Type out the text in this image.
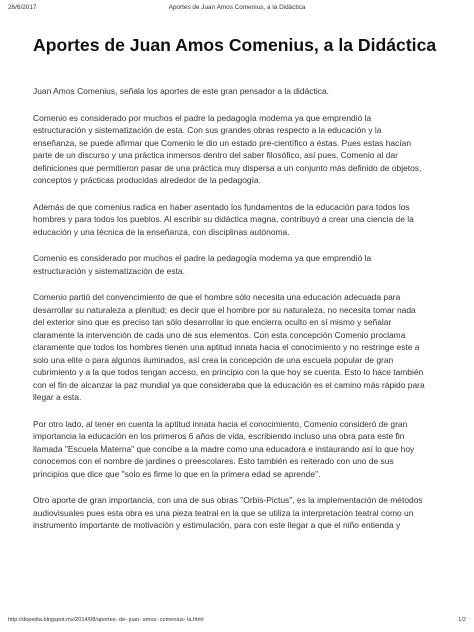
26/6/2017	Aportes de Juan Amos Comenius, a la Didáctica
Aportes de Juan Amos Comenius, a la Didáctica

Juan Amos Comenius, señala los aportes de este gran pensador a la didáctica.

Comenio es considerado por muchos el padre la pedagogía moderna ya que emprendió la
estructuración y sistematización de esta. Con sus grandes obras respecto a la educación y la
enseñanza, se puede afirmar que Comenio le dio un estado pre-científico a éstas. Pues estas hacían
parte de un discurso y una práctica inmersos dentro del saber filosófico, así pues, Comenio al dar
definiciones que permitieron pasar de una práctica muy dispersa a un conjunto más definido de objetos,
conceptos y prácticas producidas alrededor de la pedagogía.

Además de que comenius radica en haber asentado los fundamentos de la educación para todos los
hombres y para todos los pueblos. Al escribir su didáctica magna, contribuyó a crear una ciencia de la
educación y una técnica de la enseñanza, con disciplinas autónoma.

Comenio es considerado por muchos el padre la pedagogía moderna ya que emprendió la
estructuración y sistematización de esta.

Comenio partió del convencimiento de que el hombre sólo necesita una educación adecuada para
desarrollar su naturaleza a plenitud; es decir que el hombre por su naturaleza, no necesita tomar nada
del exterior sino que es preciso tan sólo desarrollar lo que encierra oculto en sí mismo y señalar
claramente la intervención de cada uno de sus elementos. Con esta concepción Comenio proclama
claramente que todos los hombres tienen una aptitud innata hacia el conocimiento y no restringe este a
solo una elite o para algunos iluminados, así crea la concepción de una escuela popular de gran
cubrimiento y a la que todos tengan acceso, en principio con la que hoy se cuenta. Esto lo hace también
con el fin de alcanzar la paz mundial ya que consideraba que la educación es el camino más rápido para
llegar a esta.

Por otro lado, al tener en cuenta la aptitud innata hacia el conocimiento, Comenio consideró de gran
importancia la educación en los primeros 6 años de vida, escribiendo incluso una obra para este fin
llamada "Escuela Materna" que concibe a la madre como una educadora e instaurando así lo que hoy
conocemos con el nombre de jardines o preescolares. Esto también es reiterado con uno de sus
principios que dice que "solo es firme lo que en la primera edad se aprende".

Otro aporte de gran importancia, con una de sus obras "Orbis-Pictus", es la implementación de métodos
audiovisuales pues esta obra es una pieza teatral en la que se utiliza la interpretación teatral como un
instrumento importante de motivación y estimulación, para con este llegar a que el niño entienda y

http://dopedia.blogspot.mx/2014/08/aportes- de- juan- amos- comenius- la.html	1/2
